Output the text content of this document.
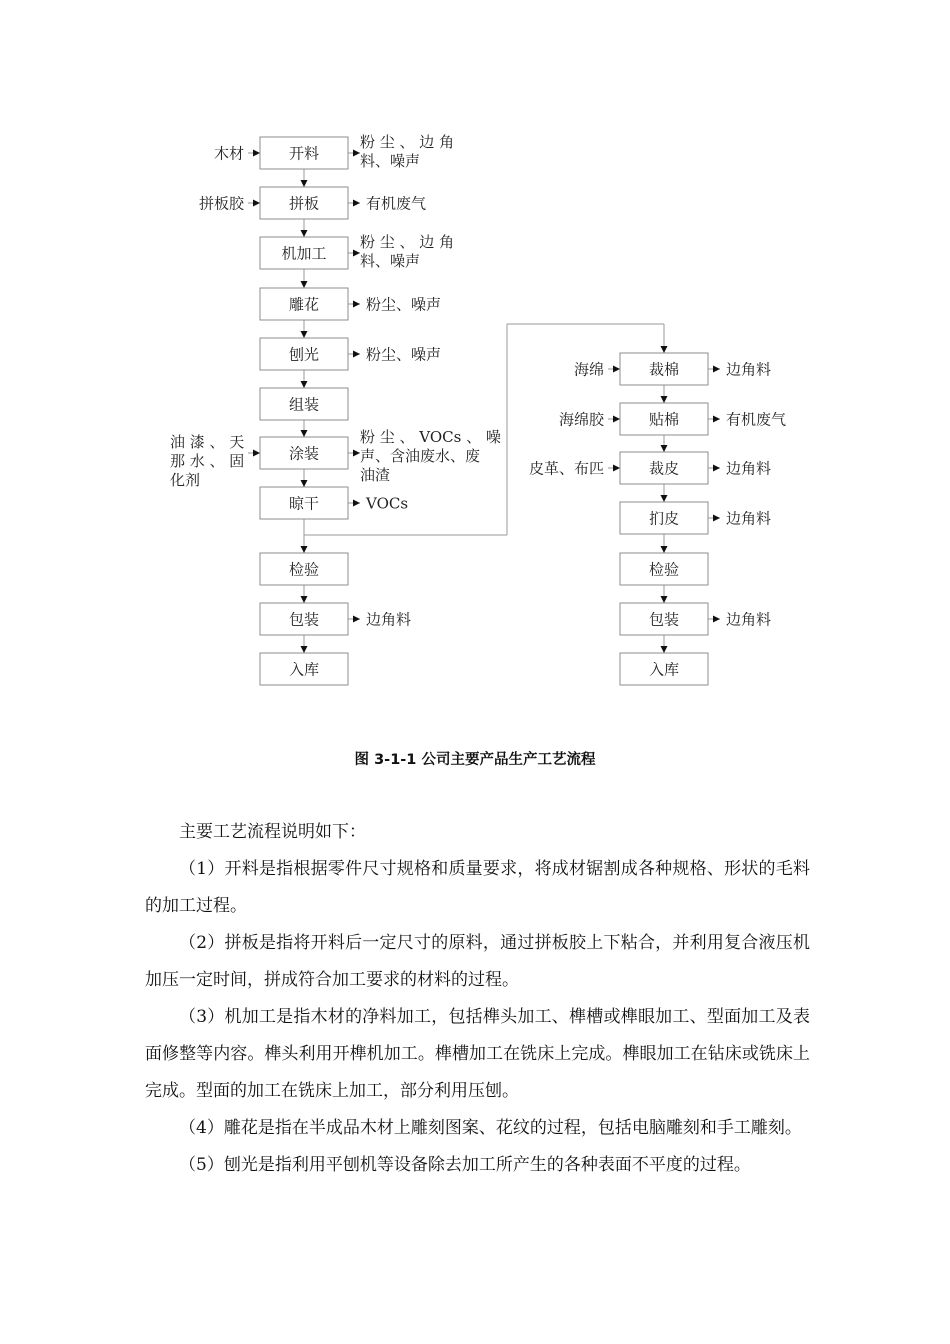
开料
拼板
机加工
雕花
刨光
组装
涂装
晾干
检验
包装
入库
裁棉
贴棉
裁皮
扪皮
检验
包装
入库
木材
粉 尘 、 边 角
料、噪声
拼板胶	有机废气
粉 尘 、 边 角
料、噪声
粉尘、噪声
粉尘、噪声
油 漆 、 天
那 水 、 固
化剂
粉 尘 、 VOCs 、 噪
声、含油废水、废
油渣
VOCs
边角料
海绵	边角料
海绵胶	有机废气
皮革、布匹	边角料
边角料
边角料

图 3-1-1 公司主要产品生产工艺流程

主要工艺流程说明如下：

（1）开料是指根据零件尺寸规格和质量要求，将成材锯割成各种规格、形状的毛料的加工过程。

（2）拼板是指将开料后一定尺寸的原料，通过拼板胶上下粘合，并利用复合液压机加压一定时间，拼成符合加工要求的材料的过程。

（3）机加工是指木材的净料加工，包括榫头加工、榫槽或榫眼加工、型面加工及表面修整等内容。榫头利用开榫机加工。榫槽加工在铣床上完成。榫眼加工在钻床或铣床上完成。型面的加工在铣床上加工，部分利用压刨。

（4）雕花是指在半成品木材上雕刻图案、花纹的过程，包括电脑雕刻和手工雕刻。

（5）刨光是指利用平刨机等设备除去加工所产生的各种表面不平度的过程。
